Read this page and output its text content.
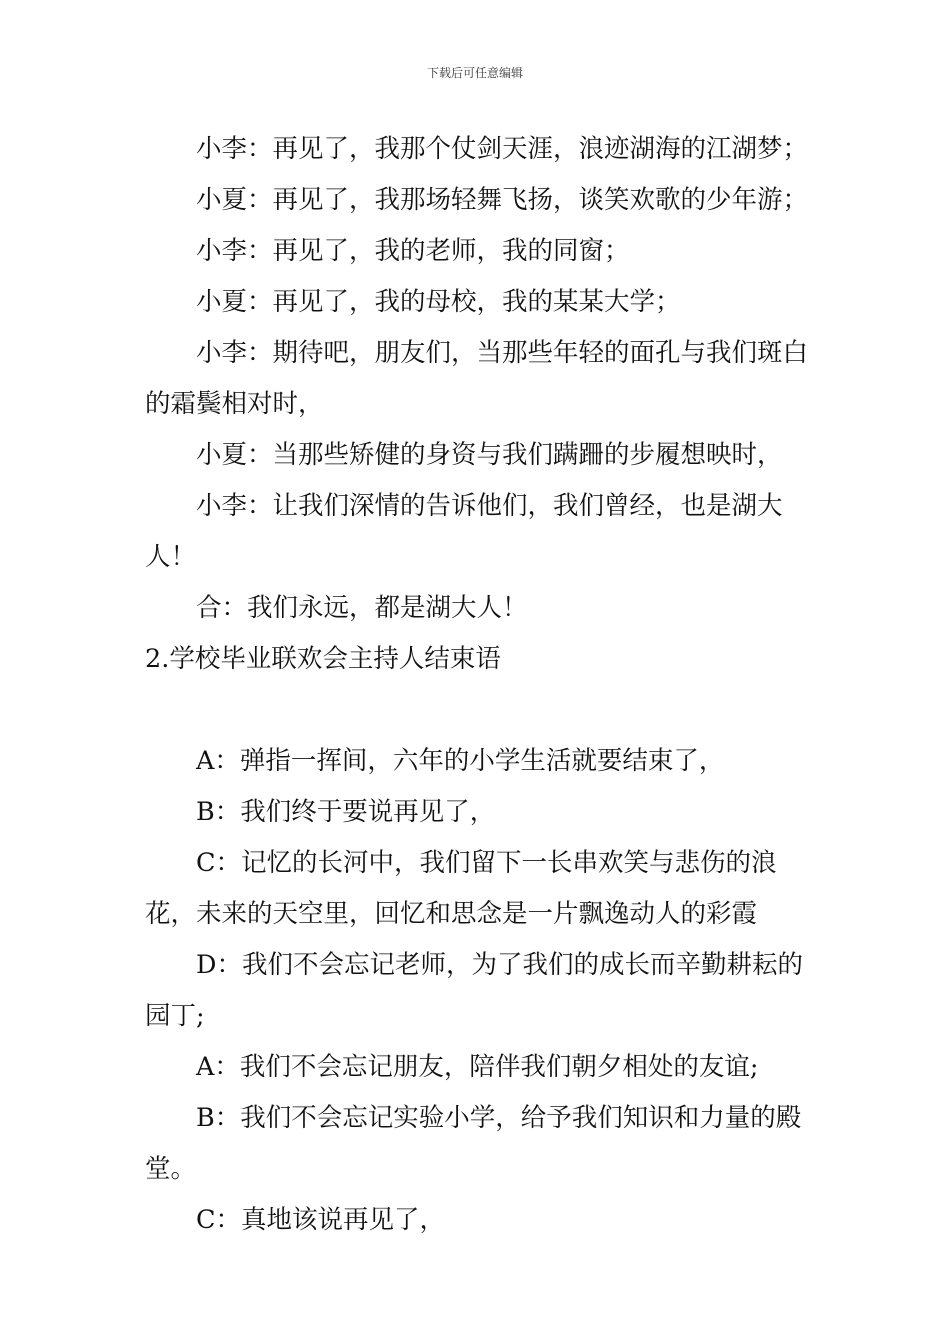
下载后可任意编辑

小李：再见了，我那个仗剑天涯，浪迹湖海的江湖梦；

小夏：再见了，我那场轻舞飞扬，谈笑欢歌的少年游；

小李：再见了，我的老师，我的同窗；

小夏：再见了，我的母校，我的某某大学；

小李：期待吧，朋友们，当那些年轻的面孔与我们斑白的霜鬓相对时，

小夏：当那些矫健的身资与我们蹒跚的步履想映时，

小李：让我们深情的告诉他们，我们曾经，也是湖大人！

合：我们永远，都是湖大人！

2.学校毕业联欢会主持人结束语

A：弹指一挥间，六年的小学生活就要结束了，

B：我们终于要说再见了，

C：记忆的长河中，我们留下一长串欢笑与悲伤的浪花，未来的天空里，回忆和思念是一片飘逸动人的彩霞

D：我们不会忘记老师，为了我们的成长而辛勤耕耘的园丁;

A：我们不会忘记朋友，陪伴我们朝夕相处的友谊;

B：我们不会忘记实验小学，给予我们知识和力量的殿堂。

C：真地该说再见了，
